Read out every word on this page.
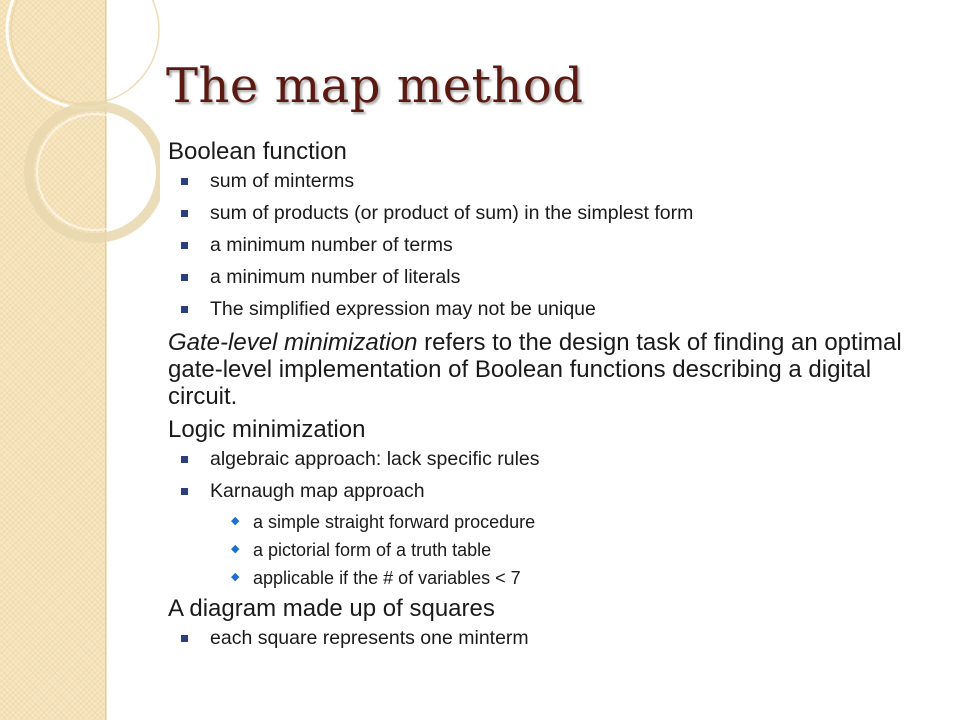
The map method
Boolean function
sum of minterms
sum of products (or product of sum) in the simplest form
a minimum number of terms
a minimum number of literals
The simplified expression may not be unique
Gate-level minimization refers to the design task of finding an optimal gate-level implementation of Boolean functions describing a digital circuit.
Logic minimization
algebraic approach: lack specific rules
Karnaugh map approach
◆ a simple straight forward procedure
◆ a pictorial form of a truth table
◆ applicable if the # of variables < 7
A diagram made up of squares
each square represents one minterm
